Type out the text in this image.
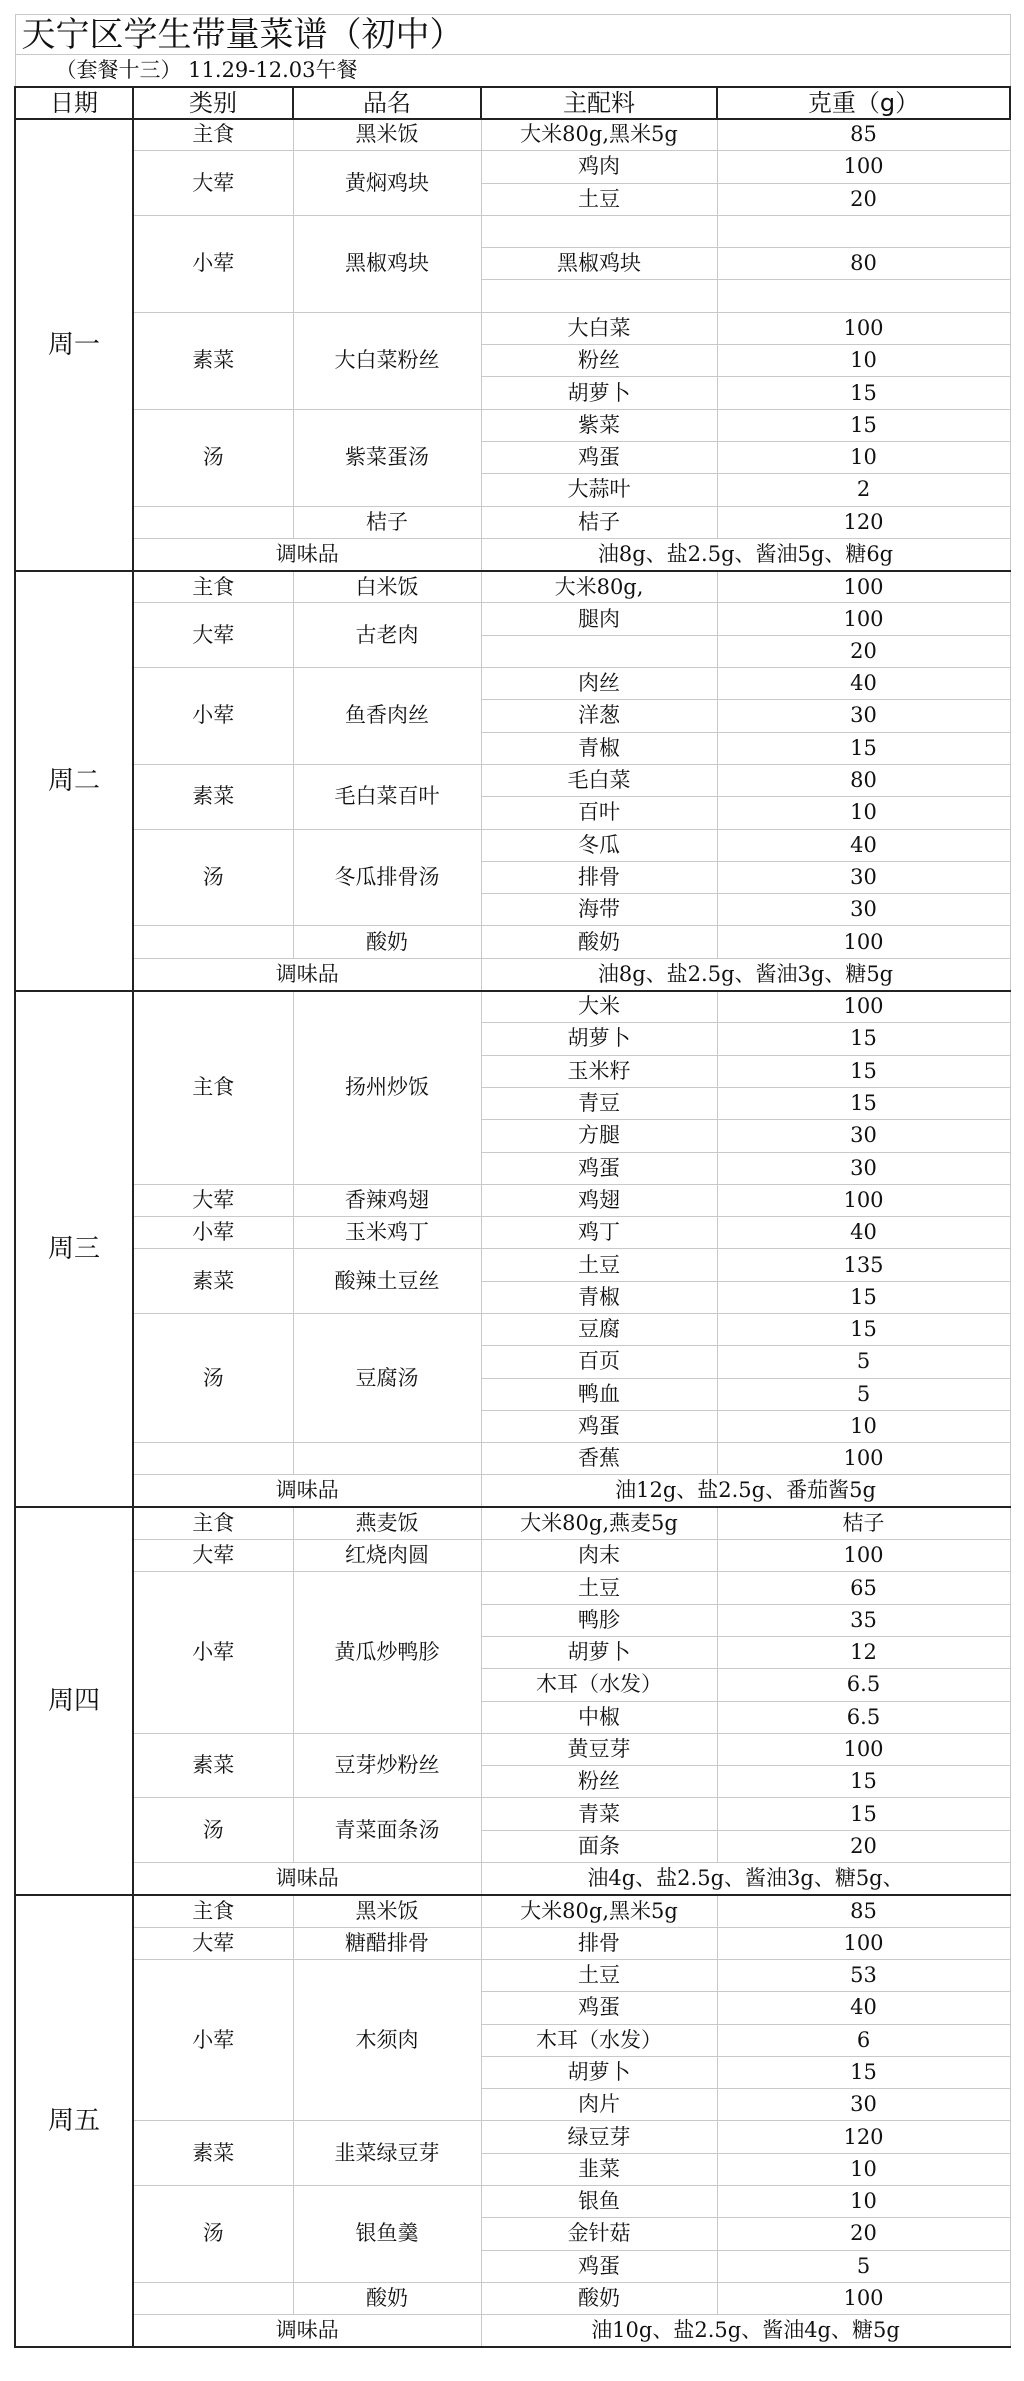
天宁区学生带量菜谱（初中）				
（套餐十三） 11.29-12.03午餐				
日期	类别	品名	主配料	克重（g）
周一	主食	黑米饭	大米80g,黑米5g	85
	大荤	黄焖鸡块	鸡肉	100
			土豆	20
	小荤	黑椒鸡块		
			黑椒鸡块	80

	素菜	大白菜粉丝	大白菜	100
			粉丝	10
			胡萝卜	15
	汤	紫菜蛋汤	紫菜	15
			鸡蛋	10
			大蒜叶	2
		桔子	桔子	120
	调味品		油8g、盐2.5g、酱油5g、糖6g	
周二	主食	白米饭	大米80g,	100
	大荤	古老肉	腿肉	100
				20
	小荤	鱼香肉丝	肉丝	40
			洋葱	30
			青椒	15
	素菜	毛白菜百叶	毛白菜	80
			百叶	10
	汤	冬瓜排骨汤	冬瓜	40
			排骨	30
			海带	30
		酸奶	酸奶	100
	调味品		油8g、盐2.5g、酱油3g、糖5g	
周三	主食	扬州炒饭	大米	100
			胡萝卜	15
			玉米籽	15
			青豆	15
			方腿	30
			鸡蛋	30
	大荤	香辣鸡翅	鸡翅	100
	小荤	玉米鸡丁	鸡丁	40
	素菜	酸辣土豆丝	土豆	135
			青椒	15
	汤	豆腐汤	豆腐	15
			百页	5
			鸭血	5
			鸡蛋	10
			香蕉	100
	调味品		油12g、盐2.5g、番茄酱5g	
周四	主食	燕麦饭	大米80g,燕麦5g	桔子
	大荤	红烧肉圆	肉末	100
	小荤	黄瓜炒鸭胗	土豆	65
			鸭胗	35
			胡萝卜	12
			木耳（水发）	6.5
			中椒	6.5
	素菜	豆芽炒粉丝	黄豆芽	100
			粉丝	15
	汤	青菜面条汤	青菜	15
			面条	20
	调味品		油4g、盐2.5g、酱油3g、糖5g、	
周五	主食	黑米饭	大米80g,黑米5g	85
	大荤	糖醋排骨	排骨	100
	小荤	木须肉	土豆	53
			鸡蛋	40
			木耳（水发）	6
			胡萝卜	15
			肉片	30
	素菜	韭菜绿豆芽	绿豆芽	120
			韭菜	10
	汤	银鱼羹	银鱼	10
			金针菇	20
			鸡蛋	5
		酸奶	酸奶	100
	调味品		油10g、盐2.5g、酱油4g、糖5g	
